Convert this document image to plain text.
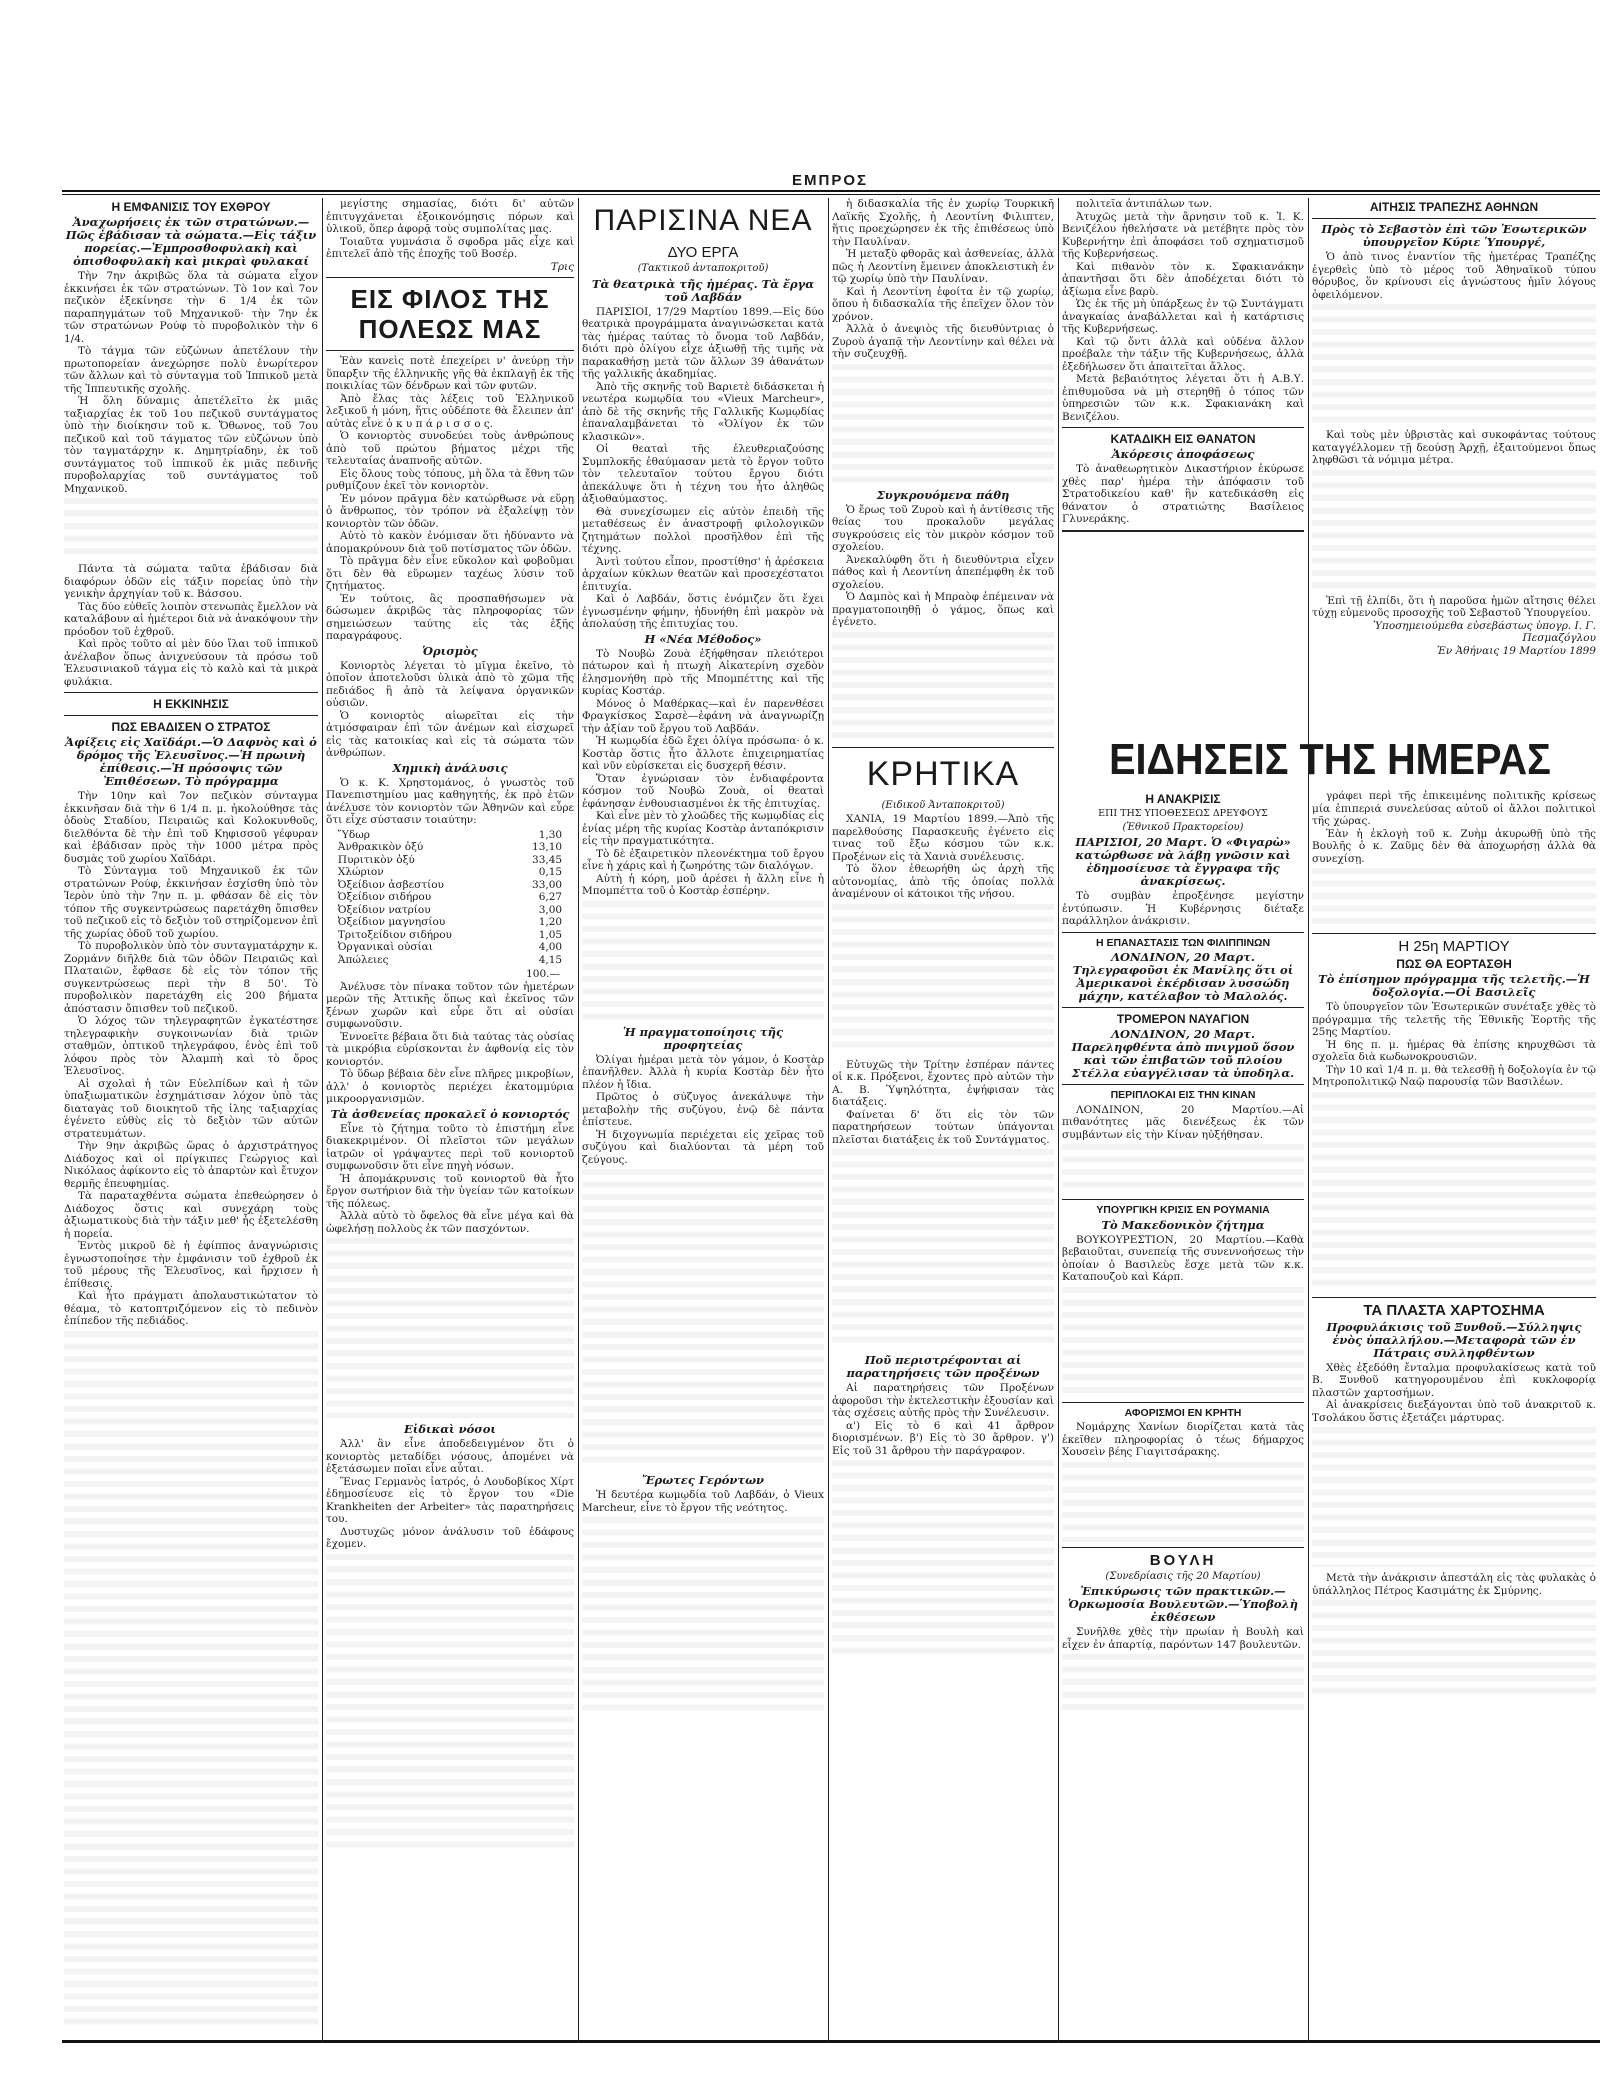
ΕΜΠΡΟΣ
Η ΕΜΦΑΝΙΣΙΣ ΤΟΥ ΕΧΘΡΟΥ
Ἀναχωρήσεις ἐκ τῶν στρατώνων.— Πῶς ἐβάδισαν τὰ σώματα.—Εἰς τάξιν πορείας.—Ἐμπροσθοφυλακὴ καὶ ὀπισθοφυλακὴ καὶ μικραὶ φυλακαί

Τὴν 7ην ἀκριβῶς ὅλα τὰ σώματα εἶχον ἐκκινήσει ἐκ τῶν στρατώνων. Τὸ 1ον καὶ 7ον πεζικὸν ἐξεκίνησε τὴν 6 1/4 ἐκ τῶν παραπηγμάτων τοῦ Μηχανικοῦ· τὴν 7ην ἐκ τῶν στρατώνων Ρούφ τὸ πυροβολικὸν τὴν 6 1/4.

Τὸ τάγμα τῶν εὐζώνων ἀπετέλουν τὴν πρωτοπορείαν ἀνεχώρησε πολὺ ἐνωρίτερον τῶν ἄλλων καὶ τὸ σύνταγμα τοῦ Ἱππικοῦ μετὰ τῆς Ἱππευτικῆς σχολῆς.

Ἡ ὅλη δύναμις ἀπετέλεῖτο ἐκ μιᾶς ταξιαρχίας ἐκ τοῦ 1ου πεζικοῦ συντάγματος ὑπὸ τὴν διοίκησιν τοῦ κ. Ὄθωνος, τοῦ 7ου πεζικοῦ καὶ τοῦ τάγματος τῶν εὐζώνων ὑπὸ τὸν ταγματάρχην κ. Δημητρίαδην, ἐκ τοῦ συντάγματος τοῦ ἱππικοῦ ἐκ μιᾶς πεδινῆς πυροβολαρχίας τοῦ συντάγματος τοῦ Μηχανικοῦ.

Πάντα τὰ σώματα ταῦτα ἐβάδισαν διὰ διαφόρων ὁδῶν εἰς τάξιν πορείας ὑπὸ τὴν γενικὴν ἀρχηγίαν τοῦ κ. Βάσσου.

Τὰς δύο εὐθεῖς λοιπὸν στενωπὰς ἔμελλον νὰ καταλάβουν αἱ ἡμέτεροι διὰ νὰ ἀνακόψουν τὴν πρόοδον τοῦ ἐχθροῦ.

Καὶ πρὸς τοῦτο αἱ μὲν δύο ἴλαι τοῦ ἱππικοῦ ἀνέλαβον ὅπως ἀνιχνεύσουν τὰ πρόσω τοῦ Ἐλευσινιακοῦ τάγμα εἰς τὸ καλὸ καὶ τὰ μικρὰ φυλάκια.

Η ΕΚΚΙΝΗΣΙΣ
ΠΩΣ ΕΒΑΔΙΣΕΝ Ο ΣΤΡΑΤΟΣ
Ἀφίξεις εἰς Χαϊδάρι.—Ὁ Δαφνὸς καὶ ὁ δρόμος τῆς Ἐλευσῖνος.—Ἡ πρωινὴ ἐπίθεσις.—Ἡ πρόσοψις τῶν Ἐπιθέσεων. Τὸ πρόγραμμα

Τὴν 10ην καὶ 7ον πεζικὸν σύνταγμα ἐκκινῆσαν διὰ τὴν 6 1/4 π. μ. ἠκολούθησε τὰς ὁδοὺς Σταδίου, Πειραιῶς καὶ Κολοκυνθοῦς, διελθόντα δὲ τὴν ἐπὶ τοῦ Κηφισσοῦ γέφυραν καὶ ἐβάδισαν πρὸς τὴν 1000 μέτρα πρὸς δυσμὰς τοῦ χωρίου Χαϊδάρι.

Τὸ Σύνταγμα τοῦ Μηχανικοῦ ἐκ τῶν στρατώνων Ρούφ, ἐκκινήσαν ἐσχίσθη ὑπὸ τὸν Ἰερὸν ὑπὸ τὴν 7ην π. μ. φθάσαν δὲ εἰς τὸν τόπον τῆς συγκεντρώσεως παρετάχθη ὄπισθεν τοῦ πεζικοῦ εἰς τὸ δεξιὸν τοῦ στηρίζομενον ἐπὶ τῆς χωρίας ὁδοῦ τοῦ χωρίου.

Τὸ πυροβολικὸν ὑπὸ τὸν συνταγματάρχην κ. Ζορμάνν διῆλθε διὰ τῶν ὁδῶν Πειραιῶς καὶ Πλαταιῶν, ἔφθασε δὲ εἰς τὸν τόπον τῆς συγκεντρώσεως περὶ τὴν 8 50'. Τὸ πυροβολικὸν παρετάχθη εἰς 200 βήματα ἀπόστασιν ὄπισθεν τοῦ πεζικοῦ.

Ὁ λόχος τῶν τηλεγραφητῶν ἐγκατέστησε τηλεγραφικὴν συγκοινωνίαν διὰ τριῶν σταθμῶν, ὀπτικοῦ τηλεγράφου, ἐνὸς ἐπὶ τοῦ λόφου πρὸς τὸν Ἀλαμπὴ καὶ τὸ ὄρος Ἐλευσῖνος.

Αἱ σχολαὶ ἡ τῶν Εὐελπίδων καὶ ἡ τῶν ὑπαξιωματικῶν ἐσχημάτισαν λόχον ὑπὸ τὰς διαταγὰς τοῦ διοικητοῦ τῆς ἰλης ταξιαρχίας ἐγένετο εὐθὺς εἰς τὸ δεξιὸν τῶν αὐτῶν στρατευμάτων.

Τὴν 9ην ἀκριβῶς ὥρας ὁ ἀρχιστράτηγος Διάδοχος καὶ οἱ πρίγκιπες Γεώργιος καὶ Νικόλαος ἀφίκοντο εἰς τὸ ἀπαρτὼν καὶ ἔτυχον θερμῆς ἐπευφημίας.

Τὰ παραταχθέντα σώματα ἐπεθεώρησεν ὁ Διάδοχος ὅστις καὶ συνεχάρη τοὺς ἀξιωματικοὺς διὰ τὴν τάξιν μεθ' ἧς ἐξετελέσθη ἡ πορεία.

Ἐντὸς μικροῦ δὲ ἡ ἐφίππος ἀναγνώρισις ἐγνωστοποίησε τὴν ἐμφάνισιν τοῦ ἐχθροῦ ἐκ τοῦ μέρους τῆς Ἐλευσῖνος, καὶ ἤρχισεν ἡ ἐπίθεσις.

Καὶ ἦτο πράγματι ἀπολαυστικώτατον τὸ θέαμα, τὸ κατοπτριζόμενον εἰς τὸ πεδινὸν ἐπίπεδον τῆς πεδιάδος.

μεγίστης σημασίας, διότι δι' αὐτῶν ἐπιτυγχάνεται ἐξοικονόμησις πόρων καὶ ὑλικοῦ, ὅπερ ἀφορᾷ τοὺς συμπολίτας μας.

Τοιαῦτα γυμνάσια ὅ σφοδρα μᾶς εἶχε καὶ ἐπιτελεῖ ἀπὸ τῆς ἐποχῆς τοῦ Βοσέρ.

Τρις
ΕΙΣ ΦΙΛΟΣ ΤΗΣ ΠΟΛΕΩΣ ΜΑΣ

Ἐὰν κανεὶς ποτὲ ἐπεχείρει ν' ἀνεύρῃ τὴν ὕπαρξιν τῆς ἐλληνικῆς γῆς θὰ ἐκπλαγῇ ἐκ τῆς ποικιλίας τῶν δένδρων καὶ τῶν φυτῶν.

Ἀπὸ ἔλας τὰς λέξεις τοῦ Ἑλληνικοῦ λεξικοῦ ἡ μόνη, ἥτις οὐδέποτε θὰ ἔλειπεν ἀπ' αὐτὰς εἶνε ὁ κ υ π ά ρ ι σ σ ο ς.

Ὁ κονιορτὸς συνοδεύει τοὺς ἀνθρώπους ἀπὸ τοῦ πρώτου βήματος μέχρι τῆς τελευταίας ἀναπνοῆς αὐτῶν.

Εἰς ὅλους τοὺς τόπους, μὴ ὅλα τὰ ἔθνη τῶν ρυθμίζουν ἐκεῖ τὸν κονιορτὸν.

Ἐν μόνον πρᾶγμα δὲν κατώρθωσε νὰ εὕρῃ ὁ ἄνθρωπος, τὸν τρόπον νὰ ἐξαλείψῃ τὸν κονιορτὸν τῶν ὁδῶν.

Αὐτὸ τὸ κακὸν ἐνόμισαν ὅτι ἠδύναντο νὰ ἀπομακρύνουν διὰ τοῦ ποτίσματος τῶν ὁδῶν.

Τὸ πρᾶγμα δὲν εἶνε εὔκολον καὶ φοβοῦμαι ὅτι δὲν θὰ εὕρωμεν ταχέως λύσιν τοῦ ζητήματος.

Ἐν τούτοις, ἂς προσπαθήσωμεν νὰ δώσωμεν ἀκριβῶς τὰς πληροφορίας τῶν σημειώσεων ταύτης εἰς τὰς ἑξῆς παραγράφους.

Ὁρισμὸς

Κονιορτὸς λέγεται τὸ μῖγμα ἐκεῖνο, τὸ ὁποῖον ἀποτελοῦσι ὑλικὰ ἀπὸ τὸ χῶμα τῆς πεδιάδος ἢ ἀπὸ τὰ λείψανα ὀργανικῶν οὐσιῶν.

Ὁ κονιορτὸς αἰωρεῖται εἰς τὴν ἀτμόσφαιραν ἐπὶ τῶν ἀνέμων καὶ εἰσχωρεῖ εἰς τὰς κατοικίας καὶ εἰς τὰ σώματα τῶν ἀνθρώπων.

Χημικὴ ἀνάλυσις

Ὁ κ. Κ. Χρηστομάνος, ὁ γνωστὸς τοῦ Πανεπιστημίου μας καθηγητής, ἐκ πρὸ ἐτῶν ἀνέλυσε τὸν κονιορτὸν τῶν Ἀθηνῶν καὶ εὗρε ὅτι εἶχε σύστασιν τοιαύτην:

Ὕδωρ	1,30
Ἀνθρακικὸν ὀξύ	13,10
Πυριτικὸν ὀξύ	33,45
Χλώριον	0,15
Ὀξείδιον ἀσβεστίου	33,00
Ὀξείδιον σιδήρου	6,27
Ὀξείδιον νατρίου	3,00
Ὀξείδιον μαγνησίου	1,20
Τριτοξείδιον σιδήρου	1,05
Ὀργανικαὶ οὐσίαι	4,00
Ἀπώλειες	4,15
100.—

Ἀνέλυσε τὸν πίνακα τοῦτον τῶν ἡμετέρων μερῶν τῆς Ἀττικῆς ὅπως καὶ ἐκεῖνος τῶν ξένων χωρῶν καὶ εὗρε ὅτι αἱ οὐσίαι συμφωνοῦσιν.

Ἐννοεῖτε βέβαια ὅτι διὰ ταύτας τὰς οὐσίας τὰ μικρόβια εὑρίσκονται ἐν ἀφθονίᾳ εἰς τὸν κονιορτόν.

Τὸ ὕδωρ βέβαια δὲν εἶνε πλῆρες μικροβίων, ἀλλ' ὁ κονιορτὸς περιέχει ἑκατομμύρια μικροοργανισμῶν.

Τὰ ἀσθενείας προκαλεῖ ὁ κονιορτός

Εἶνε τὸ ζήτημα τοῦτο τὸ ἐπιστήμη εἶνε διακεκριμένον. Οἱ πλεῖστοι τῶν μεγάλων ἰατρῶν οἱ γράψαντες περὶ τοῦ κονιορτοῦ συμφωνοῦσιν ὅτι εἶνε πηγὴ νόσων.

Ἡ ἀπομάκρυνσις τοῦ κονιορτοῦ θὰ ἦτο ἔργον σωτήριον διὰ τὴν ὑγείαν τῶν κατοίκων τῆς πόλεως.

Ἀλλὰ αὐτὸ τὸ ὄφελος θὰ εἶνε μέγα καὶ θὰ ὠφελήσῃ πολλοὺς ἐκ τῶν πασχόντων.

Εἰδικαὶ νόσοι

Ἀλλ' ἂν εἶνε ἀποδεδειγμένον ὅτι ὁ κονιορτὸς μεταδίδει νόσους, ἀπομένει νὰ ἐξετάσωμεν ποῖαι εἶνε αὗται.

Ἕνας Γερμανὸς ἰατρός, ὁ Λουδοβίκος Χίρτ ἐδημοσίευσε εἰς τὸ ἔργον του «Die Krankheiten der Arbeiter» τὰς παρατηρήσεις του.

Δυστυχῶς μόνον ἀνάλυσιν τοῦ ἐδάφους ἔχομεν.

ΠΑΡΙΣΙΝΑ ΝΕΑ
ΔΥΟ ΕΡΓΑ
(Τακτικοῦ ἀνταποκριτοῦ)
Τὰ θεατρικὰ τῆς ἡμέρας. Τὰ ἔργα τοῦ Λαβδάν

ΠΑΡΙΣΙΟΙ, 17/29 Μαρτίου 1899.—Εἰς δύο θεατρικὰ προγράμματα ἀναγινώσκεται κατὰ τὰς ἡμέρας ταύτας τὸ ὄνομα τοῦ Λαβδάν, διότι πρὸ ὀλίγου εἶχε ἀξιωθῇ τῆς τιμῆς νὰ παρακαθήσῃ μετὰ τῶν ἄλλων 39 ἀθανάτων τῆς γαλλικῆς ἀκαδημίας.

Ἀπὸ τῆς σκηνῆς τοῦ Βαριετὲ διδάσκεται ἡ νεωτέρα κωμῳδία του «Vieux Marcheur», ἀπὸ δὲ τῆς σκηνῆς τῆς Γαλλικῆς Κωμῳδίας ἐπαναλαμβάνεται τὸ «Ὀλίγον ἐκ τῶν κλασικῶν».

Οἱ θεαταὶ τῆς ἐλευθεριαζούσης Συμπλοκῆς ἐθαύμασαν μετὰ τὸ ἔργον τοῦτο τὸν τελευταῖον τούτου ἔργου διότι ἀπεκάλυψε ὅτι ἡ τέχνη του ἦτο ἀληθῶς ἀξιοθαύμαστος.

Θὰ συνεχίσωμεν εἰς αὐτὸν ἐπειδὴ τῆς μεταθέσεως ἐν ἀναστροφῇ φιλολογικῶν ζητημάτων πολλοὶ προσῆλθον ἐπὶ τῆς τέχνης.

Ἀντὶ τούτου εἶπον, προστίθησ' ἡ ἀρέσκεια ἀρχαίων κύκλων θεατῶν καὶ προσεχέστατοι ἐπιτυχία.

Καὶ ὁ Λαβδάν, ὅστις ἐνόμιζεν ὅτι ἔχει ἐγνωσμένην φήμην, ἠδυνήθη ἐπὶ μακρὸν νὰ ἀπολαύσῃ τῆς ἐπιτυχίας του.

Η «Νέα Μέθοδος»

Τὸ Νουβὼ Ζουὰ ἐξήφθησαν πλειότεροι πάτωρον καὶ ἡ πτωχὴ Αἰκατερίνη σχεδὸν ἐλησμονήθη πρὸ τῆς Μπομπέττης καὶ τῆς κυρίας Κοστάρ.

Μόνος ὁ Μαθέρκας—καὶ ἐν παρενθέσει Φραγκίσκος Σαρσὲ—ἐφάνη νὰ ἀναγνωρίζῃ τὴν ἀξίαν τοῦ ἔργου τοῦ Λαβδάν.

Ἡ κωμῳδία ἐδῶ ἔχει ὀλίγα πρόσωπα· ὁ κ. Κοστὰρ ὅστις ἦτο ἄλλοτε ἐπιχειρηματίας καὶ νῦν εὑρίσκεται εἰς δυσχερῆ θέσιν.

Ὅταν ἐγνώρισαν τὸν ἐνδιαφέροντα κόσμον τοῦ Νουβὼ Ζουὰ, οἱ θεαταὶ ἐφάνησαν ἐνθουσιασμένοι ἐκ τῆς ἐπιτυχίας.

Καὶ εἶνε μὲν τὸ χλοῶδες τῆς κωμῳδίας εἰς ἐνίας μέρη τῆς κυρίας Κοστὰρ ἀνταπόκρισιν εἰς τὴν πραγματικότητα.

Τὸ δὲ ἐξαιρετικὸν πλεονέκτημα τοῦ ἔργου εἶνε ἡ χάρις καὶ ἡ ζωηρότης τῶν διαλόγων.

Αὐτὴ ἡ κόρη, μοῦ ἀρέσει ἡ ἄλλη εἶνε ἡ Μπομπέττα τοῦ ὁ Κοστὰρ ἐσπέρην.

Ἡ πραγματοποίησις τῆς προφητείας

Ὀλίγαι ἡμέραι μετὰ τὸν γάμον, ὁ Κοστὰρ ἐπανῆλθεν. Ἀλλὰ ἡ κυρία Κοστὰρ δὲν ἦτο πλέον ἡ ἴδια.

Πρῶτος ὁ σύζυγος ἀνεκάλυψε τὴν μεταβολὴν τῆς συζύγου, ἐνῷ δὲ πάντα ἐπίστευε.

Ἡ διχογνωμία περιέχεται εἰς χεῖρας τοῦ συζύγου καὶ διαλύονται τὰ μέρη τοῦ ζεύγους.

Ἔρωτες Γερόντων

Ἡ δευτέρα κωμῳδία τοῦ Λαβδάν, ὁ Vieux Marcheur, εἶνε τὸ ἔργον τῆς νεότητος.

ἡ διδασκαλία τῆς ἐν χωρίῳ Τουρκικῆ Λαϊκῆς Σχολῆς, ἡ Λεοντίνη Φιλιπτεν, ἥτις προεχώρησεν ἐκ τῆς ἐπιθέσεως ὑπὸ τὴν Παυλίναν.

Ἡ μεταξὺ φθορᾶς καὶ ἀσθενείας, ἀλλὰ πῶς ἡ Λεοντίνη ἔμεινεν ἀποκλειστικὴ ἐν τῷ χωρίῳ ὑπὸ τὴν Παυλίναν.

Καὶ ἡ Λεοντίνη ἐφοίτα ἐν τῷ χωρίῳ, ὅπου ἡ διδασκαλία τῆς ἐπεῖχεν ὅλον τὸν χρόνον.

Ἀλλὰ ὁ ἀνεψιὸς τῆς διευθύντριας ὁ Ζυροὺ ἀγαπᾷ τὴν Λεοντίνην καὶ θέλει νὰ τὴν συζευχθῇ.

Συγκρουόμενα πάθη

Ὁ ἔρως τοῦ Ζυροὺ καὶ ἡ ἀντίθεσις τῆς θείας του προκαλοῦν μεγάλας συγκρούσεις εἰς τὸν μικρὸν κόσμον τοῦ σχολείου.

Ἀνεκαλύφθη ὅτι ἡ διευθύντρια εἶχεν πάθος καὶ ἡ Λεοντίνη ἀπεπέμφθη ἐκ τοῦ σχολείου.

Ὁ Δαμπὸς καὶ ἡ Μπραὸφ ἐπέμειναν νὰ πραγματοποιηθῇ ὁ γάμος, ὅπως καὶ ἐγένετο.

ΚΡΗΤΙΚΑ
(Ειδικοῦ Ἀνταποκριτοῦ)

ΧΑΝΙΑ, 19 Μαρτίου 1899.—Ἀπὸ τῆς παρελθούσης Παρασκευῆς ἐγένετο εἰς τινας τοῦ ἔξω κόσμου τῶν κ.κ. Προξένων εἰς τὰ Χανιὰ συνέλευσις.

Τὸ ὅλον ἐθεωρήθη ὡς ἀρχὴ τῆς αὐτονομίας, ἀπὸ τῆς ὁποίας πολλὰ ἀναμένουν οἱ κάτοικοι τῆς νήσου.

Εὐτυχῶς τὴν Τρίτην ἐσπέραν πάντες οἱ κ.κ. Πρόξενοι, ἔχοντες πρὸ αὐτῶν τὴν Α. Β. Ὑψηλότητα, ἐψήφισαν τὰς διατάξεις.

Φαίνεται δ' ὅτι εἰς τὸν τῶν παρατηρήσεων τούτων ὑπάγονται πλεῖσται διατάξεις ἐκ τοῦ Συντάγματος.

Ποῦ περιστρέφονται αἱ παρατηρήσεις τῶν προξένων

Αἱ παρατηρήσεις τῶν Προξένων ἀφοροῦσι τὴν ἐκτελεστικὴν ἐξουσίαν καὶ τὰς σχέσεις αὐτῆς πρὸς τὴν Συνέλευσιν.

α') Εἰς τὸ 6 καὶ 41 ἄρθρον διορισμένων. β') Εἰς τὸ 30 ἄρθρον. γ') Εἰς τοῦ 31 ἄρθρου τὴν παράγραφον.

πολιτεῖα ἀντιπάλων των.

Ἀτυχῶς μετὰ τὴν ἄρνησιν τοῦ κ. Ἰ. Κ. Βενιζέλου ἠθελήσατε νὰ μετέβητε πρὸς τὸν Κυβερνήτην ἐπὶ ἀποφάσει τοῦ σχηματισμοῦ τῆς Κυβερνήσεως.

Καὶ πιθανὸν τὸν κ. Σφακιανάκην ἀπαντῆσαι ὅτι δὲν ἀποδέχεται διότι τὸ ἀξίωμα εἶνε βαρὺ.

Ὡς ἐκ τῆς μὴ ὑπάρξεως ἐν τῷ Συντάγματι ἀναγκαίας ἀναβάλλεται καὶ ἡ κατάρτισις τῆς Κυβερνήσεως.

Καὶ τῷ ὄντι ἀλλὰ καὶ οὐδένα ἄλλον προέβαλε τὴν τάξιν τῆς Κυβερνήσεως, ἀλλὰ ἐξεδήλωσεν ὅτι ἀπαιτεῖται ἄλλος.

Μετὰ βεβαιότητος λέγεται ὅτι ἡ Α.Β.Υ. ἐπιθυμοῦσα νὰ μὴ στερηθῇ ὁ τόπος τῶν ὑπηρεσιῶν τῶν κ.κ. Σφακιανάκη καὶ Βενιζέλου.

ΚΑΤΑΔΙΚΗ ΕΙΣ ΘΑΝΑΤΟΝ
Ἀκόρεσις ἀποφάσεως

Τὸ ἀναθεωρητικὸν Δικαστήριον ἐκύρωσε χθὲς παρ' ἡμέρα τὴν ἀπόφασιν τοῦ Στρατοδικείου καθ' ἣν κατεδικάσθη εἰς θάνατον ὁ στρατιώτης Βασίλειος Γλυνεράκης.

ΕΙΔΗΣΕΙΣ ΤΗΣ ΗΜΕΡΑΣ
Η ΑΝΑΚΡΙΣΙΣ
ΕΠΙ ΤΗΣ ΥΠΟΘΕΣΕΩΣ ΔΡΕΥΦΟΥΣ
(Ἐθνικοῦ Πρακτορείου)
ΠΑΡΙΣΙΟΙ, 20 Μαρτ. Ὁ «Φιγαρὼ» κατώρθωσε νὰ λάβῃ γνῶσιν καὶ ἐδημοσίευσε τὰ ἔγγραφα τῆς ἀνακρίσεως.

Τὸ συμβὰν ἐπροξένησε μεγίστην ἐντύπωσιν. Ἡ Κυβέρνησις διέταξε παράλληλον ἀνάκρισιν.

Η ΕΠΑΝΑΣΤΑΣΙΣ ΤΩΝ ΦΙΛΙΠΠΙΝΩΝ
ΛΟΝΔΙΝΟΝ, 20 Μαρτ. Τηλεγραφοῦσι ἐκ Μανίλης ὅτι οἱ Ἀμερικανοὶ ἐκέρδισαν λυσσώδη μάχην, κατέλαβον τὸ Μαλολός.
ΤΡΟΜΕΡΟΝ ΝΑΥΑΓΙΟΝ
ΛΟΝΔΙΝΟΝ, 20 Μαρτ. Παρεληφθέντα ἀπὸ πνιγμοῦ ὅσον καὶ τῶν ἐπιβατῶν τοῦ πλοίου Στέλλα εὐαγγέλισαν τὰ ὑποδηλα.
ΠΕΡΙΠΛΟΚΑΙ ΕΙΣ ΤΗΝ ΚΙΝΑΝ

ΛΟΝΔΙΝΟΝ, 20 Μαρτίου.—Αἱ πιθανότητες μᾶς διενέξεως ἐκ τῶν συμβάντων εἰς τὴν Κίναν ηὐξήθησαν.

ΥΠΟΥΡΓΙΚΗ ΚΡΙΣΙΣ ΕΝ ΡΟΥΜΑΝΙΑ
Τὸ Μακεδονικὸν ζήτημα

ΒΟΥΚΟΥΡΕΣΤΙΟΝ, 20 Μαρτίου.—Καθὰ βεβαιοῦται, συνεπείᾳ τῆς συνεννοήσεως τὴν ὁποίαν ὁ Βασιλεὺς ἔσχε μετὰ τῶν κ.κ. Καταπουζοὺ καὶ Κάρπ.

ΑΦΟΡΙΣΜΟΙ ΕΝ ΚΡΗΤΗ

Νομάρχης Χανίων διορίζεται κατὰ τὰς ἐκεῖθεν πληροφορίας ὁ τέως δήμαρχος Χουσεὶν βέης Γιαγιτσάρακης.

ΒΟΥΛΗ
(Συνεδρίασις τῆς 20 Μαρτίου)
Ἐπικύρωσις τῶν πρακτικῶν.—Ὁρκωμοσία Βουλευτῶν.—Ὑποβολὴ ἐκθέσεων

Συνῆλθε χθὲς τὴν πρωίαν ἡ Βουλὴ καὶ εἶχεν ἐν ἀπαρτίᾳ, παρόντων 147 βουλευτῶν.

ΑΙΤΗΣΙΣ ΤΡΑΠΕΖΗΣ ΑΘΗΝΩΝ
Πρὸς τὸ Σεβαστὸν ἐπὶ τῶν Ἐσωτερικῶν ὑπουργεῖον Κύριε Ὑπουργέ,

Ὁ ἀπὸ τινος ἐναντίον τῆς ἡμετέρας Τραπέζης ἐγερθεὶς ὑπὸ τὸ μέρος τοῦ Ἀθηναϊκοῦ τύπου θόρυβος, ὅν κρίνουσι εἰς ἀγνώστους ἡμῖν λόγους ὀφειλόμενον.

Καὶ τοὺς μὲν ὑβριστὰς καὶ συκοφάντας τούτους καταγγέλλομεν τῇ δεούσῃ Ἀρχῇ, ἐξαιτούμενοι ὅπως ληφθῶσι τὰ νόμιμα μέτρα.

Ἐπὶ τῇ ἐλπίδι, ὅτι ἡ παροῦσα ἡμῶν αἴτησις θέλει τύχῃ εὐμενοῦς προσοχῆς τοῦ Σεβαστοῦ Ὑπουργείου.

Ὑποσημειούμεθα εὐσεβάστως ὑπογρ. Ι. Γ. Πεσμαζόγλου
Ἐν Ἀθήναις 19 Μαρτίου 1899

γράφει περὶ τῆς ἐπικειμένης πολιτικῆς κρίσεως μία ἐπιπεριά συνελεύσας αὐτοῦ οἱ ἄλλοι πολιτικοὶ τῆς χώρας.

Ἐὰν ἡ ἐκλογὴ τοῦ κ. Ζυὴμ ἀκυρωθῇ ὑπὸ τῆς Βουλῆς ὁ κ. Ζαῦμς δὲν θὰ ἀποχωρήσῃ ἀλλὰ θὰ συνεχίσῃ.

Η 25η ΜΑΡΤΙΟΥ
ΠΩΣ ΘΑ ΕΟΡΤΑΣΘΗ
Τὸ ἐπίσημον πρόγραμμα τῆς τελετῆς.—Ἡ δοξολογία.—Οἱ Βασιλεῖς

Τὸ ὑπουργεῖον τῶν Ἐσωτερικῶν συνέταξε χθὲς τὸ πρόγραμμα τῆς τελετῆς τῆς Ἐθνικῆς Ἑορτῆς τῆς 25ης Μαρτίου.

Ἡ 6ης π. μ. ἡμέρας θὰ ἐπίσης κηρυχθῶσι τὰ σχολεῖα διὰ κωδωνοκρουσιῶν.

Τὴν 10 καὶ 1/4 π. μ. θὰ τελεσθῇ ἡ δοξολογία ἐν τῷ Μητροπολιτικῷ Ναῷ παρουσίᾳ τῶν Βασιλέων.

ΤΑ ΠΛΑΣΤΑ ΧΑΡΤΟΣΗΜΑ
Προφυλάκισις τοῦ Ξυνθοῦ.—Σύλληψις ἑνὸς ὑπαλλήλου.—Μεταφορὰ τῶν ἐν Πάτραις συλληφθέντων

Χθὲς ἐξεδόθη ἔνταλμα προφυλακίσεως κατὰ τοῦ Β. Ξυνθοῦ κατηγορουμένου ἐπὶ κυκλοφορίᾳ πλαστῶν χαρτοσήμων.

Αἱ ἀνακρίσεις διεξάγονται ὑπὸ τοῦ ἀνακριτοῦ κ. Τσολάκου ὅστις ἐξετάζει μάρτυρας.

Μετὰ τὴν ἀνάκρισιν ἀπεστάλη εἰς τὰς φυλακὰς ὁ ὑπάλληλος Πέτρος Κασιμάτης ἐκ Σμύρνης.
